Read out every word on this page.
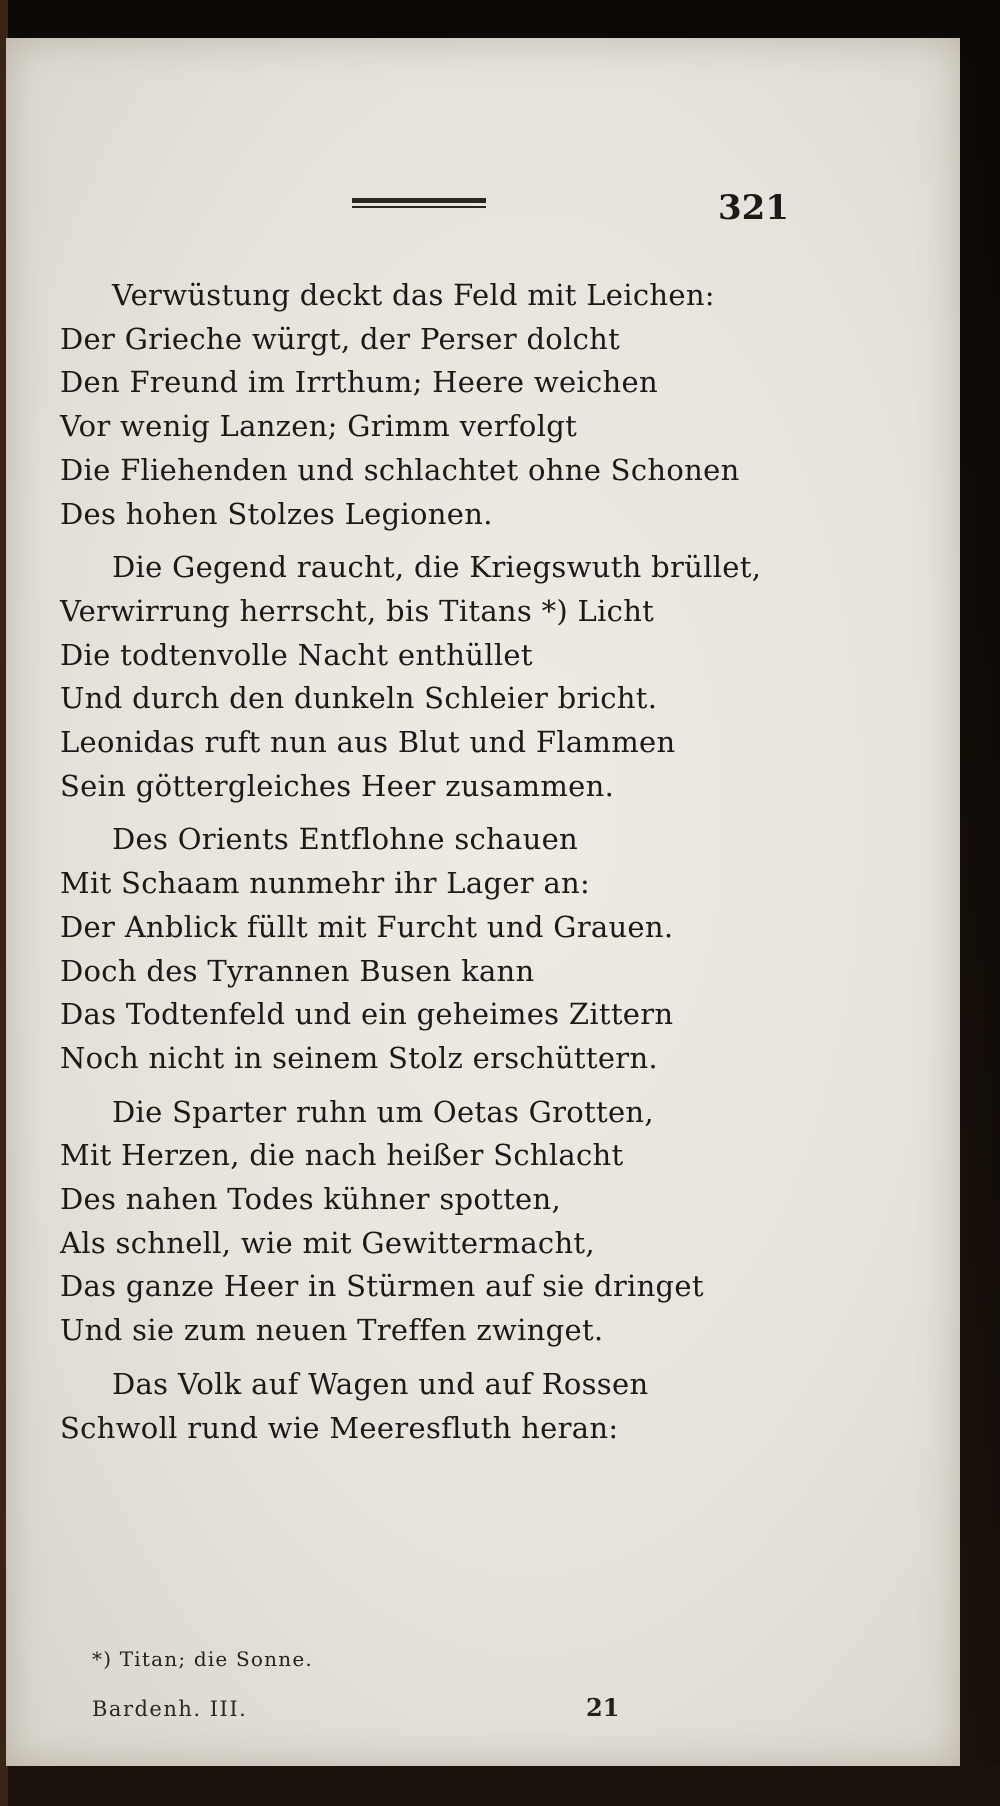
321
Verwüstung deckt das Feld mit Leichen:
Der Grieche würgt, der Perser dolcht
Den Freund im Irrthum; Heere weichen
Vor wenig Lanzen; Grimm verfolgt
Die Fliehenden und schlachtet ohne Schonen
Des hohen Stolzes Legionen.
Die Gegend raucht, die Kriegswuth brüllet,
Verwirrung herrscht, bis Titans *) Licht
Die todtenvolle Nacht enthüllet
Und durch den dunkeln Schleier bricht.
Leonidas ruft nun aus Blut und Flammen
Sein göttergleiches Heer zusammen.
Des Orients Entflohne schauen
Mit Schaam nunmehr ihr Lager an:
Der Anblick füllt mit Furcht und Grauen.
Doch des Tyrannen Busen kann
Das Todtenfeld und ein geheimes Zittern
Noch nicht in seinem Stolz erschüttern.
Die Sparter ruhn um Oetas Grotten,
Mit Herzen, die nach heißer Schlacht
Des nahen Todes kühner spotten,
Als schnell, wie mit Gewittermacht,
Das ganze Heer in Stürmen auf sie dringet
Und sie zum neuen Treffen zwinget.
Das Volk auf Wagen und auf Rossen
Schwoll rund wie Meeresfluth heran:
*) Titan; die Sonne.
Bardenh. III.	21
